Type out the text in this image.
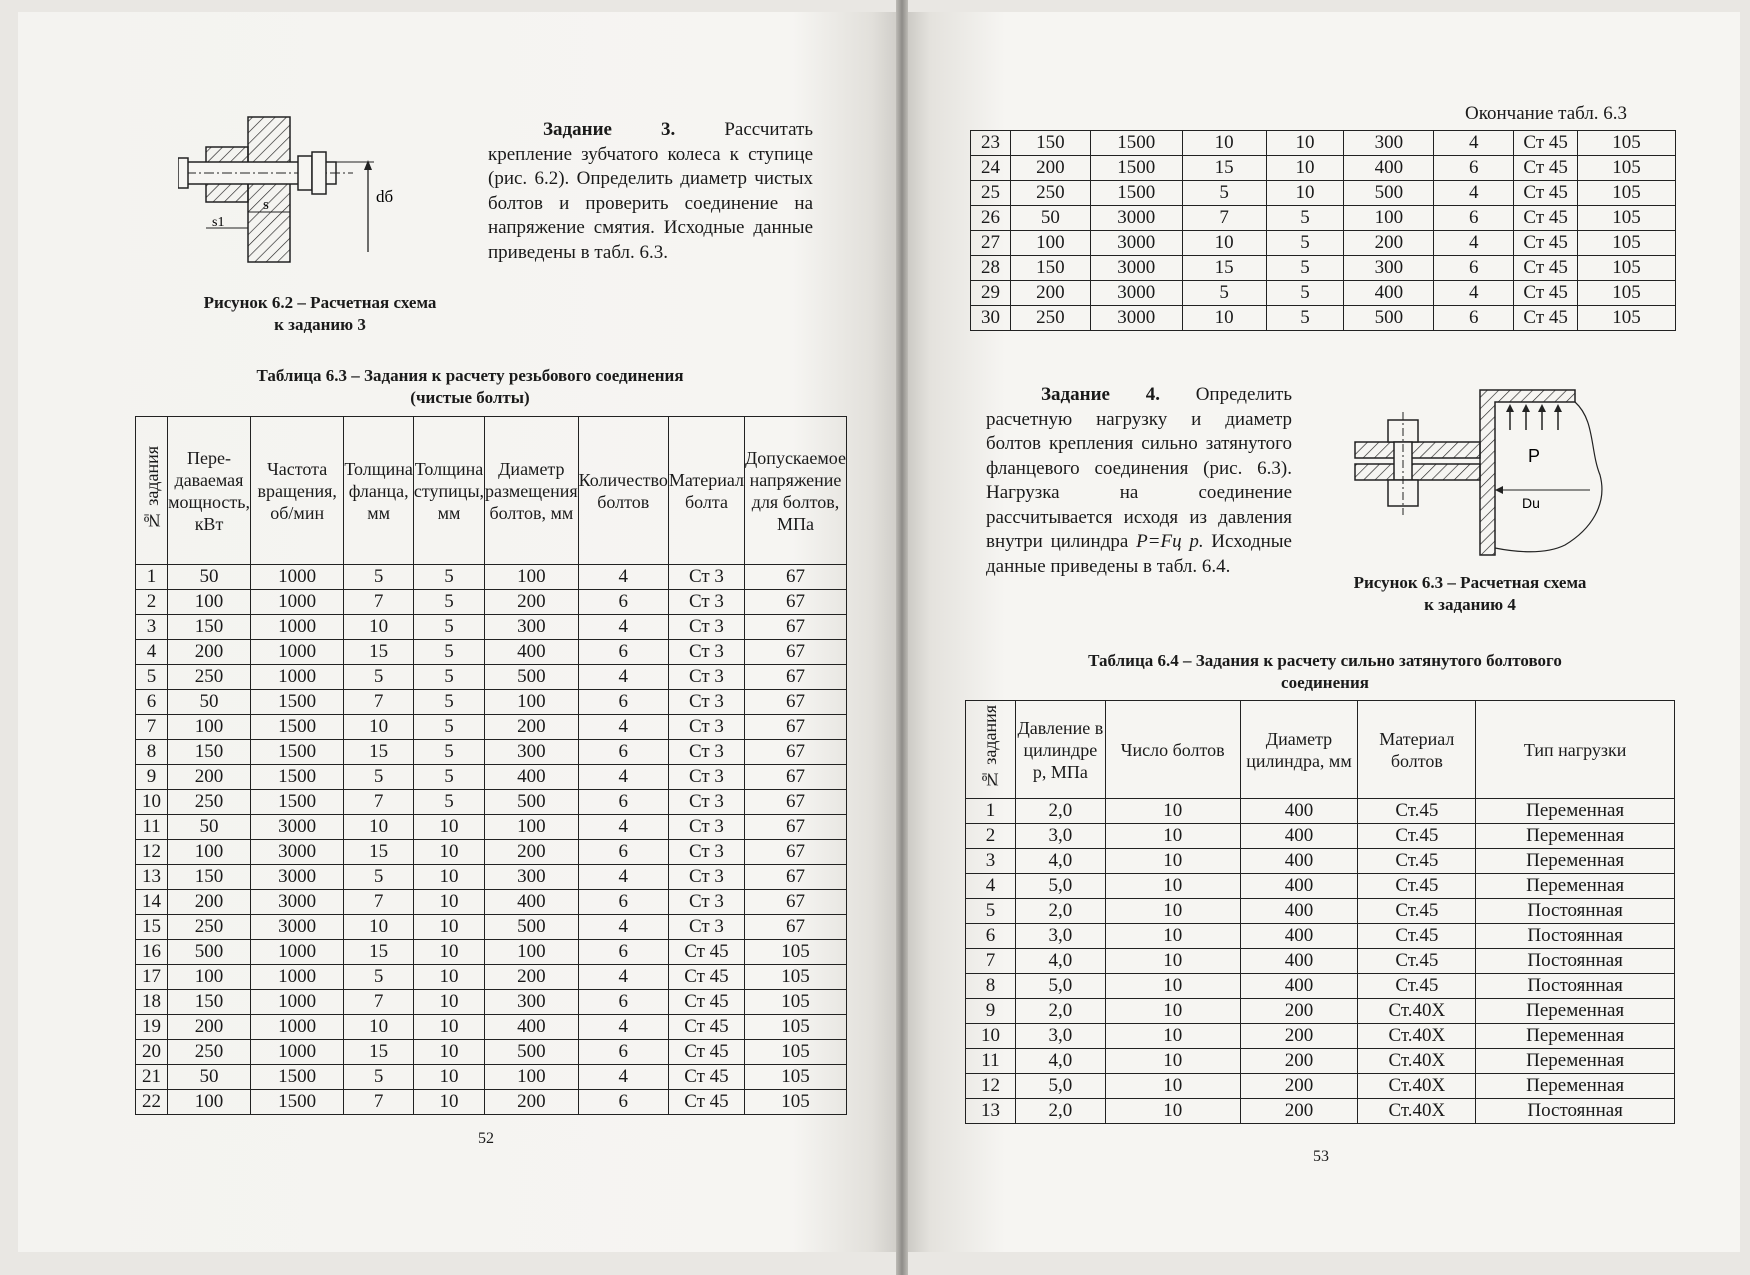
dб
s
s1
Задание 3. Рассчитать крепление зубчатого колеса к ступице (рис. 6.2). Определить диаметр чистых болтов и проверить соединение на напряжение смятия. Исходные данные приведены в табл. 6.3.
Рисунок 6.2 – Расчетная схема
к заданию 3
Таблица 6.3 – Задания к расчету резьбового соединения
(чистые болты)
№ задания	Пере-даваемая мощность, кВт	Частота вращения, об/мин	Толщина фланца, мм	Толщина ступицы, мм	Диаметр размещения болтов, мм	Количество болтов	Материал болта	Допускаемое напряжение для болтов, МПа
1	50	1000	5	5	100	4	Ст 3	67
2	100	1000	7	5	200	6	Ст 3	67
3	150	1000	10	5	300	4	Ст 3	67
4	200	1000	15	5	400	6	Ст 3	67
5	250	1000	5	5	500	4	Ст 3	67
6	50	1500	7	5	100	6	Ст 3	67
7	100	1500	10	5	200	4	Ст 3	67
8	150	1500	15	5	300	6	Ст 3	67
9	200	1500	5	5	400	4	Ст 3	67
10	250	1500	7	5	500	6	Ст 3	67
11	50	3000	10	10	100	4	Ст 3	67
12	100	3000	15	10	200	6	Ст 3	67
13	150	3000	5	10	300	4	Ст 3	67
14	200	3000	7	10	400	6	Ст 3	67
15	250	3000	10	10	500	4	Ст 3	67
16	500	1000	15	10	100	6	Ст 45	105
17	100	1000	5	10	200	4	Ст 45	105
18	150	1000	7	10	300	6	Ст 45	105
19	200	1000	10	10	400	4	Ст 45	105
20	250	1000	15	10	500	6	Ст 45	105
21	50	1500	5	10	100	4	Ст 45	105
22	100	1500	7	10	200	6	Ст 45	105
52
Окончание табл. 6.3
23	150	1500	10	10	300	4	Ст 45	105
24	200	1500	15	10	400	6	Ст 45	105
25	250	1500	5	10	500	4	Ст 45	105
26	50	3000	7	5	100	6	Ст 45	105
27	100	3000	10	5	200	4	Ст 45	105
28	150	3000	15	5	300	6	Ст 45	105
29	200	3000	5	5	400	4	Ст 45	105
30	250	3000	10	5	500	6	Ст 45	105
Задание 4. Определить расчетную нагрузку и диаметр болтов крепления сильно затянутого фланцевого соединения (рис. 6.3). Нагрузка на соединение рассчитывается исходя из давления внутри цилиндра P=Fц p. Исходные данные приведены в табл. 6.4.
P
Du
Рисунок 6.3 – Расчетная схема
к заданию 4
Таблица 6.4 – Задания к расчету сильно затянутого болтового
соединения
№ задания	Давление в цилиндре p, МПа	Число болтов	Диаметр цилиндра, мм	Материал болтов	Тип нагрузки
1	2,0	10	400	Ст.45	Переменная
2	3,0	10	400	Ст.45	Переменная
3	4,0	10	400	Ст.45	Переменная
4	5,0	10	400	Ст.45	Переменная
5	2,0	10	400	Ст.45	Постоянная
6	3,0	10	400	Ст.45	Постоянная
7	4,0	10	400	Ст.45	Постоянная
8	5,0	10	400	Ст.45	Постоянная
9	2,0	10	200	Ст.40Х	Переменная
10	3,0	10	200	Ст.40Х	Переменная
11	4,0	10	200	Ст.40Х	Переменная
12	5,0	10	200	Ст.40Х	Переменная
13	2,0	10	200	Ст.40Х	Постоянная
53
